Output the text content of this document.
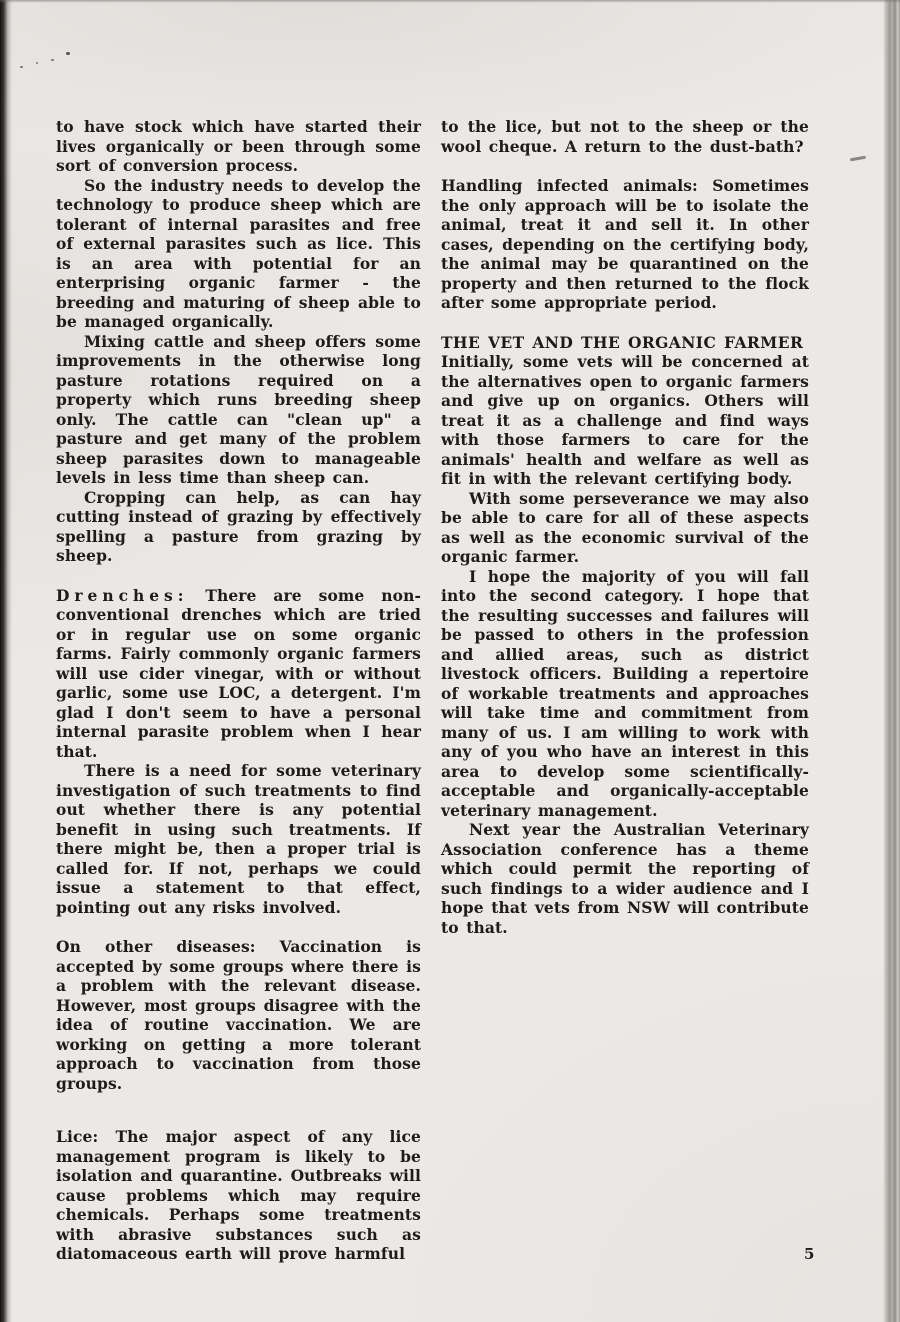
to have stock which have started their lives organically or been through some sort of conversion process.

So the industry needs to develop the technology to produce sheep which are tolerant of internal parasites and free of external parasites such as lice. This is an area with potential for an enterprising organic farmer - the breeding and maturing of sheep able to be managed organically.

Mixing cattle and sheep offers some improvements in the otherwise long pasture rotations required on a property which runs breeding sheep only. The cattle can "clean up" a pasture and get many of the problem sheep parasites down to manageable levels in less time than sheep can.

Cropping can help, as can hay cutting instead of grazing by effectively spelling a pasture from grazing by sheep.

Drenches: There are some non-conventional drenches which are tried or in regular use on some organic farms. Fairly commonly organic farmers will use cider vinegar, with or without garlic, some use LOC, a detergent. I'm glad I don't seem to have a personal internal parasite problem when I hear that.

There is a need for some veterinary investigation of such treatments to find out whether there is any potential benefit in using such treatments. If there might be, then a proper trial is called for. If not, perhaps we could issue a statement to that effect, pointing out any risks involved.

On other diseases: Vaccination is accepted by some groups where there is a problem with the relevant disease. However, most groups disagree with the idea of routine vaccination. We are working on getting a more tolerant approach to vaccination from those groups.

Lice: The major aspect of any lice management program is likely to be isolation and quarantine. Outbreaks will cause problems which may require chemicals. Perhaps some treatments with abrasive substances such as diatomaceous earth will prove harmful

to the lice, but not to the sheep or the wool cheque. A return to the dust-bath?

Handling infected animals: Sometimes the only approach will be to isolate the animal, treat it and sell it. In other cases, depending on the certifying body, the animal may be quarantined on the property and then returned to the flock after some appropriate period.

THE VET AND THE ORGANIC FARMER

Initially, some vets will be concerned at the alternatives open to organic farmers and give up on organics. Others will treat it as a challenge and find ways with those farmers to care for the animals' health and welfare as well as fit in with the relevant certifying body.

With some perseverance we may also be able to care for all of these aspects as well as the economic survival of the organic farmer.

I hope the majority of you will fall into the second category. I hope that the resulting successes and failures will be passed to others in the profession and allied areas, such as district livestock officers. Building a repertoire of workable treatments and approaches will take time and commitment from many of us. I am willing to work with any of you who have an interest in this area to develop some scientifically-acceptable and organically-acceptable veterinary management.

Next year the Australian Veterinary Association conference has a theme which could permit the reporting of such findings to a wider audience and I hope that vets from NSW will contribute to that.

5
